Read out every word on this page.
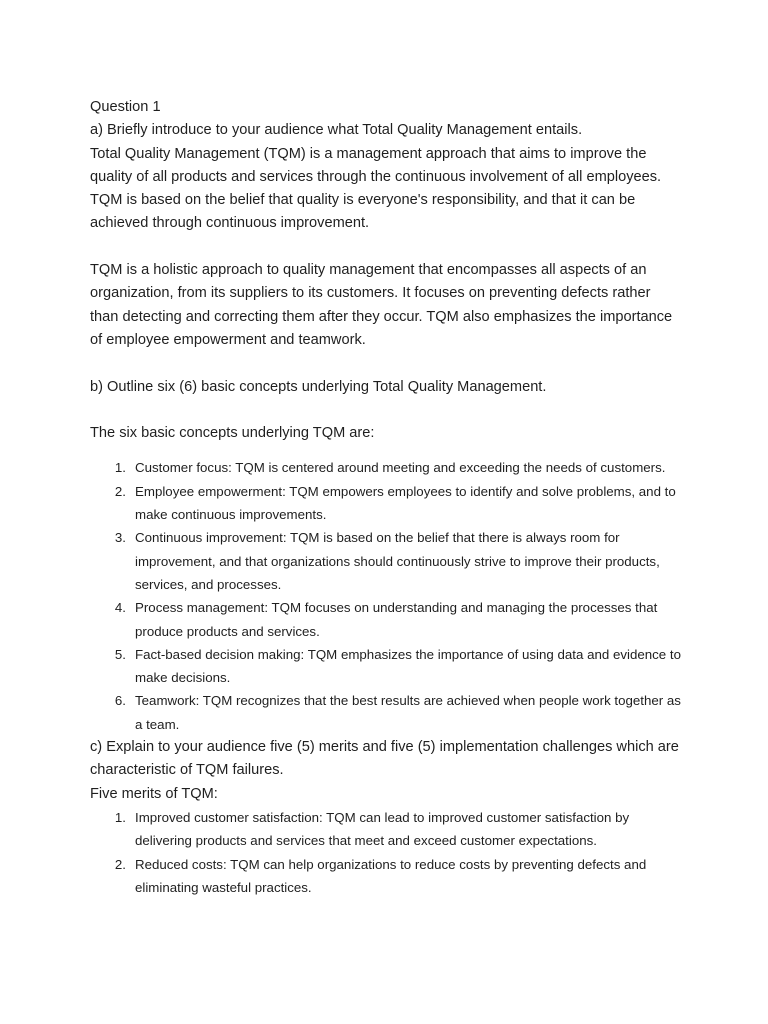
Question 1

a) Briefly introduce to your audience what Total Quality Management entails.

Total Quality Management (TQM) is a management approach that aims to improve the quality of all products and services through the continuous involvement of all employees. TQM is based on the belief that quality is everyone's responsibility, and that it can be achieved through continuous improvement.

TQM is a holistic approach to quality management that encompasses all aspects of an organization, from its suppliers to its customers. It focuses on preventing defects rather than detecting and correcting them after they occur. TQM also emphasizes the importance of employee empowerment and teamwork.

b) Outline six (6) basic concepts underlying Total Quality Management.

The six basic concepts underlying TQM are:

1. Customer focus: TQM is centered around meeting and exceeding the needs of customers.
2. Employee empowerment: TQM empowers employees to identify and solve problems, and to make continuous improvements.
3. Continuous improvement: TQM is based on the belief that there is always room for improvement, and that organizations should continuously strive to improve their products, services, and processes.
4. Process management: TQM focuses on understanding and managing the processes that produce products and services.
5. Fact-based decision making: TQM emphasizes the importance of using data and evidence to make decisions.
6. Teamwork: TQM recognizes that the best results are achieved when people work together as a team.

c) Explain to your audience five (5) merits and five (5) implementation challenges which are characteristic of TQM failures.

Five merits of TQM:

1. Improved customer satisfaction: TQM can lead to improved customer satisfaction by delivering products and services that meet and exceed customer expectations.
2. Reduced costs: TQM can help organizations to reduce costs by preventing defects and eliminating wasteful practices.
